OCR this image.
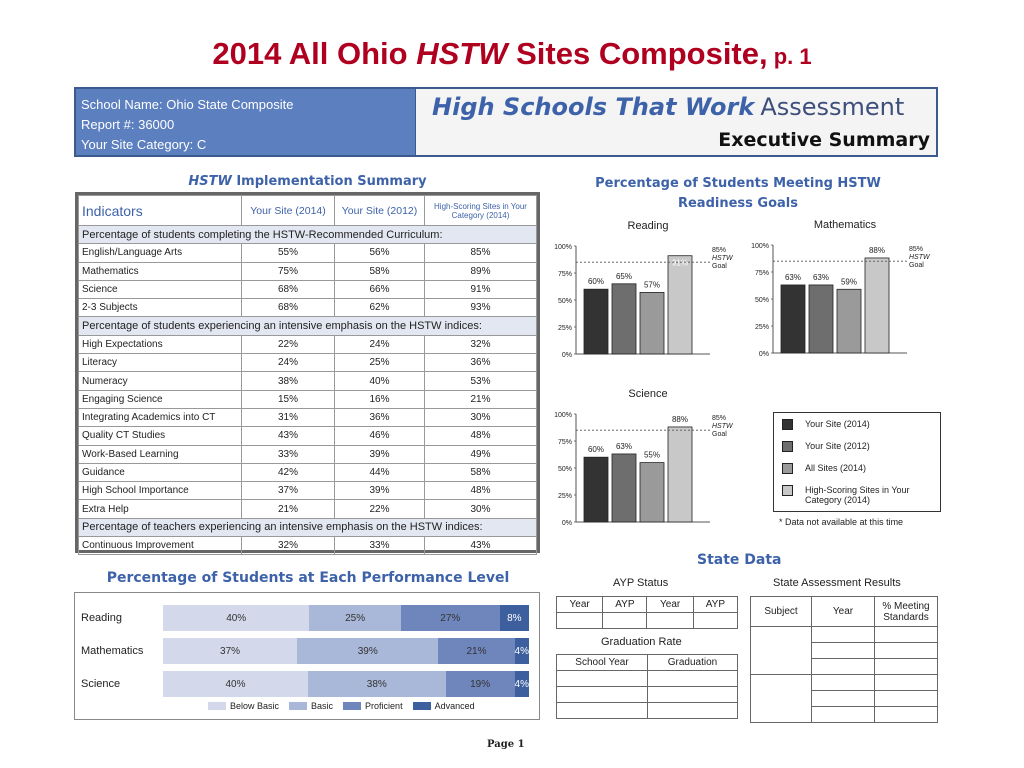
2014 All Ohio HSTW Sites Composite, p. 1
School Name: Ohio State Composite
Report #: 36000
Your Site Category: C
High Schools That Work Assessment
Executive Summary
HSTW Implementation Summary
Indicators	Your Site (2014)	Your Site (2012)	High-Scoring Sites in Your Category (2014)
Percentage of students completing the HSTW-Recommended Curriculum:			
English/Language Arts	55%	56%	85%
Mathematics	75%	58%	89%
Science	68%	66%	91%
2-3 Subjects	68%	62%	93%
Percentage of students experiencing an intensive emphasis on the HSTW indices:			
High Expectations	22%	24%	32%
Literacy	24%	25%	36%
Numeracy	38%	40%	53%
Engaging Science	15%	16%	21%
Integrating Academics into CT	31%	36%	30%
Quality CT Studies	43%	46%	48%
Work-Based Learning	33%	39%	49%
Guidance	42%	44%	58%
High School Importance	37%	39%	48%
Extra Help	21%	22%	30%
Percentage of teachers experiencing an intensive emphasis on the HSTW indices:			
Continuous Improvement	32%	33%	43%
Percentage of Students Meeting HSTW
Readiness Goals
Reading
100%
75%
50%
25%
0%
60%
65%
57%
91%
85%
HSTW
Goal
Mathematics
100%
75%
50%
25%
0%
63% 63% 59%
88%	85%
HSTW
Goal
Science
100%
75%
50%
25%
0%
60% 63%
55%
88%	85%
HSTW
Goal
Your Site (2014)
Your Site (2012)
All Sites (2014)
High-Scoring Sites in Your Category (2014)
* Data not available at this time
State Data
AYP Status
Year	AYP	Year	AYP

Graduation Rate
School Year	Graduation

State Assessment Results
Subject	Year	% Meeting Standards

Percentage of Students at Each Performance Level
Below Basic	Basic	Proficient	Advanced
Reading	40%	25%	27%	8%
Mathematics	37%	39%	21%	4%
Science	40%	38%	19%	4%
Page 1
